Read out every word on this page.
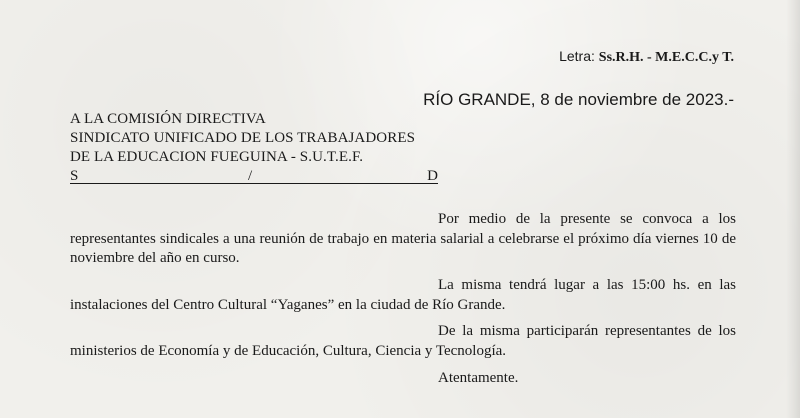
Letra: Ss.R.H. - M.E.C.C.y T.
RÍO GRANDE, 8 de noviembre de 2023.-
A LA COMISIÓN DIRECTIVA
SINDICATO UNIFICADO DE LOS TRABAJADORES
DE LA EDUCACION FUEGUINA - S.U.T.E.F.
S	/	D
Por medio de la presente se convoca a los representantes sindicales a una reunión de trabajo en materia salarial a celebrarse el próximo día viernes 10 de noviembre del año en curso.
La misma tendrá lugar a las 15:00 hs. en las instalaciones del Centro Cultural “Yaganes” en la ciudad de Río Grande.
De la misma participarán representantes de los ministerios de Economía y de Educación, Cultura, Ciencia y Tecnología.
Atentamente.
